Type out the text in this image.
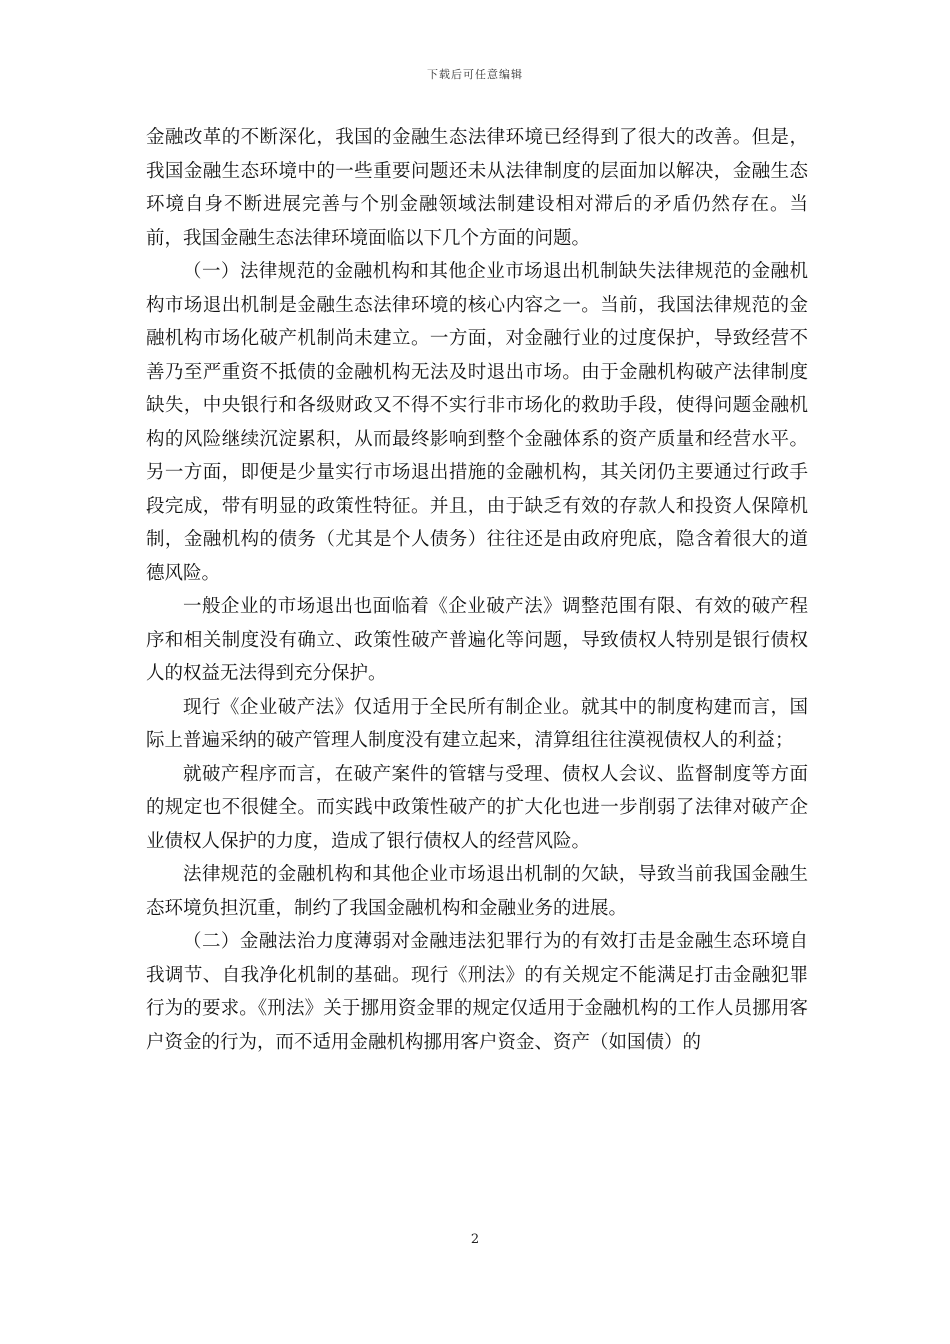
下载后可任意编辑

金融改革的不断深化，我国的金融生态法律环境已经得到了很大的改善。但是，我国金融生态环境中的一些重要问题还未从法律制度的层面加以解决，金融生态环境自身不断进展完善与个别金融领域法制建设相对滞后的矛盾仍然存在。当前，我国金融生态法律环境面临以下几个方面的问题。

（一）法律规范的金融机构和其他企业市场退出机制缺失法律规范的金融机构市场退出机制是金融生态法律环境的核心内容之一。当前，我国法律规范的金融机构市场化破产机制尚未建立。一方面，对金融行业的过度保护，导致经营不善乃至严重资不抵债的金融机构无法及时退出市场。由于金融机构破产法律制度缺失，中央银行和各级财政又不得不实行非市场化的救助手段，使得问题金融机构的风险继续沉淀累积，从而最终影响到整个金融体系的资产质量和经营水平。另一方面，即便是少量实行市场退出措施的金融机构，其关闭仍主要通过行政手段完成，带有明显的政策性特征。并且，由于缺乏有效的存款人和投资人保障机制，金融机构的债务（尤其是个人债务）往往还是由政府兜底，隐含着很大的道德风险。

一般企业的市场退出也面临着《企业破产法》调整范围有限、有效的破产程序和相关制度没有确立、政策性破产普遍化等问题，导致债权人特别是银行债权人的权益无法得到充分保护。

现行《企业破产法》仅适用于全民所有制企业。就其中的制度构建而言，国际上普遍采纳的破产管理人制度没有建立起来，清算组往往漠视债权人的利益；

就破产程序而言，在破产案件的管辖与受理、债权人会议、监督制度等方面的规定也不很健全。而实践中政策性破产的扩大化也进一步削弱了法律对破产企业债权人保护的力度，造成了银行债权人的经营风险。

法律规范的金融机构和其他企业市场退出机制的欠缺，导致当前我国金融生态环境负担沉重，制约了我国金融机构和金融业务的进展。

（二）金融法治力度薄弱对金融违法犯罪行为的有效打击是金融生态环境自我调节、自我净化机制的基础。现行《刑法》的有关规定不能满足打击金融犯罪行为的要求。《刑法》关于挪用资金罪的规定仅适用于金融机构的工作人员挪用客户资金的行为，而不适用金融机构挪用客户资金、资产（如国债）的

2
